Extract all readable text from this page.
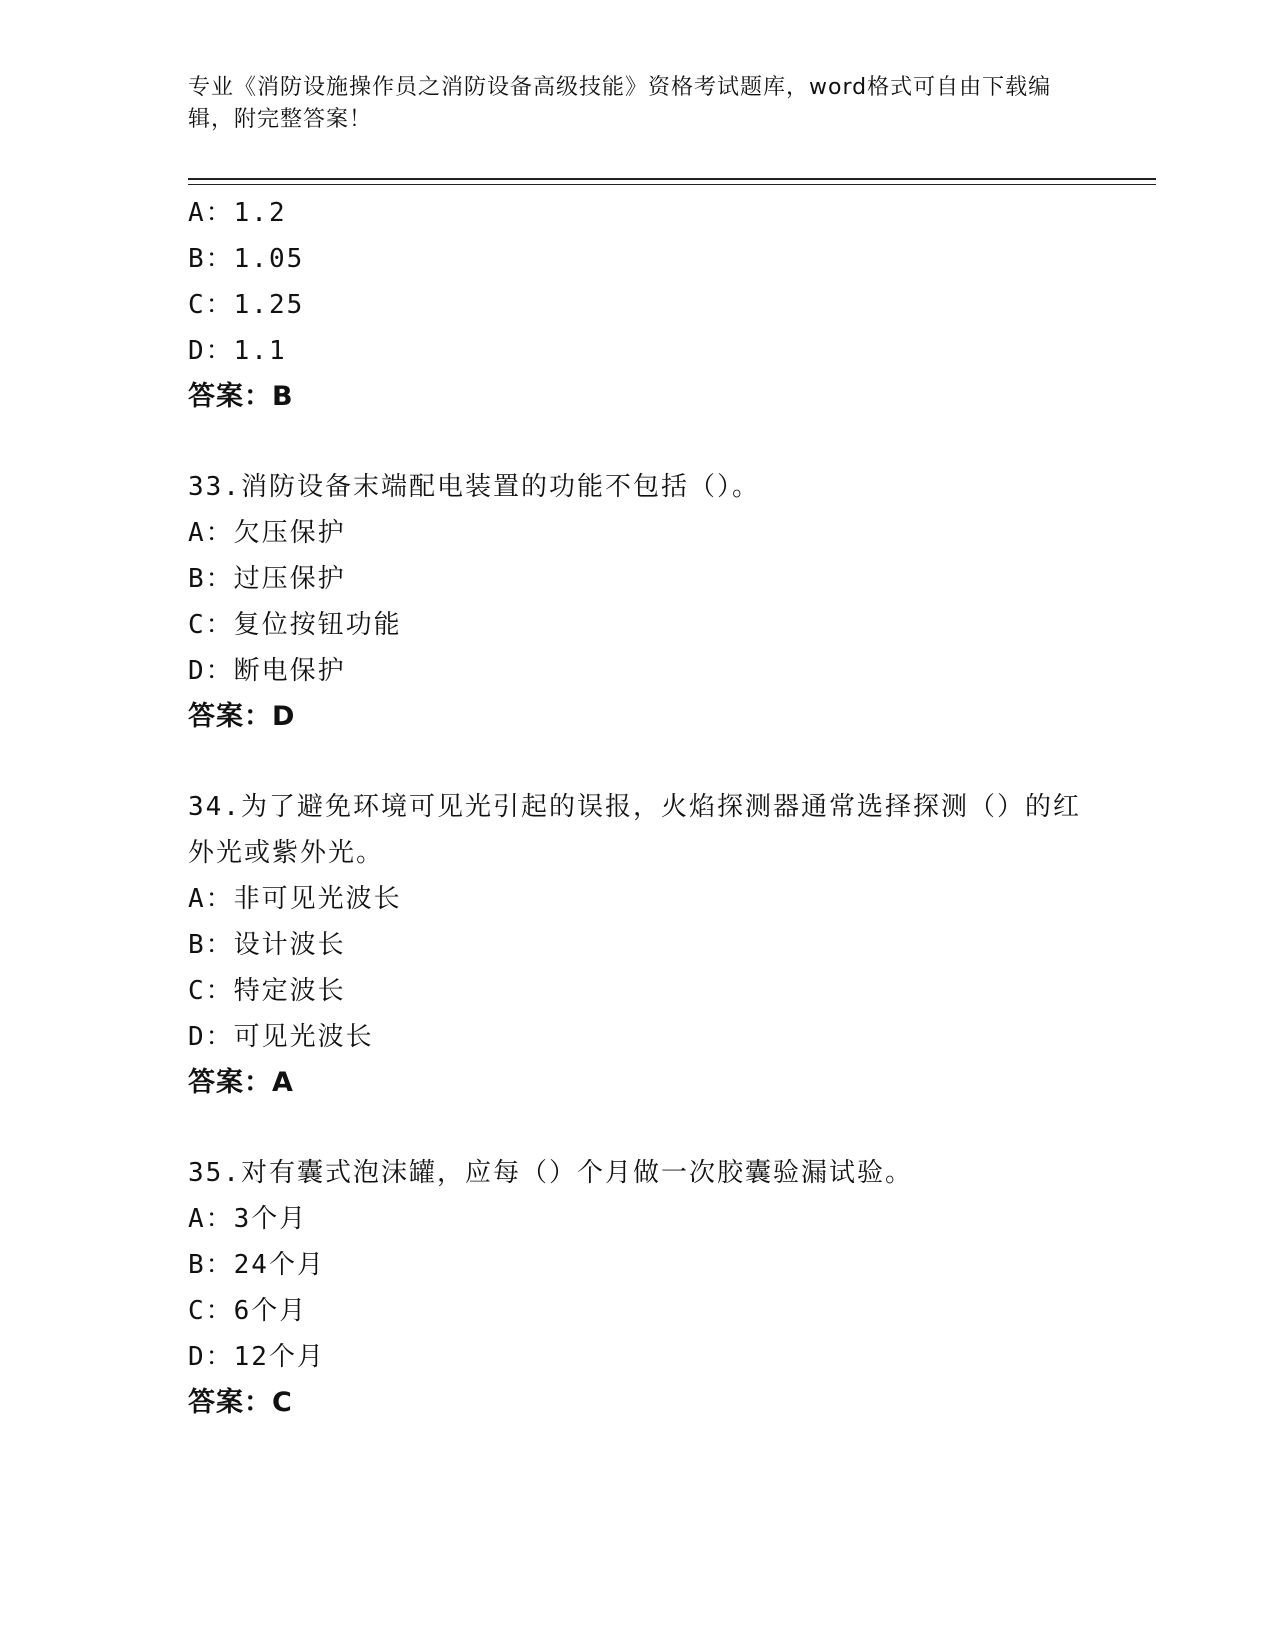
专业《消防设施操作员之消防设备高级技能》资格考试题库，word格式可自由下载编辑，附完整答案！
A：1.2
B：1.05
C：1.25
D：1.1
答案：B
33.消防设备末端配电装置的功能不包括（）。
A：欠压保护
B：过压保护
C：复位按钮功能
D：断电保护
答案：D
34.为了避免环境可见光引起的误报，火焰探测器通常选择探测（）的红外光或紫外光。
A：非可见光波长
B：设计波长
C：特定波长
D：可见光波长
答案：A
35.对有囊式泡沫罐，应每（）个月做一次胶囊验漏试验。
A：3个月
B：24个月
C：6个月
D：12个月
答案：C
